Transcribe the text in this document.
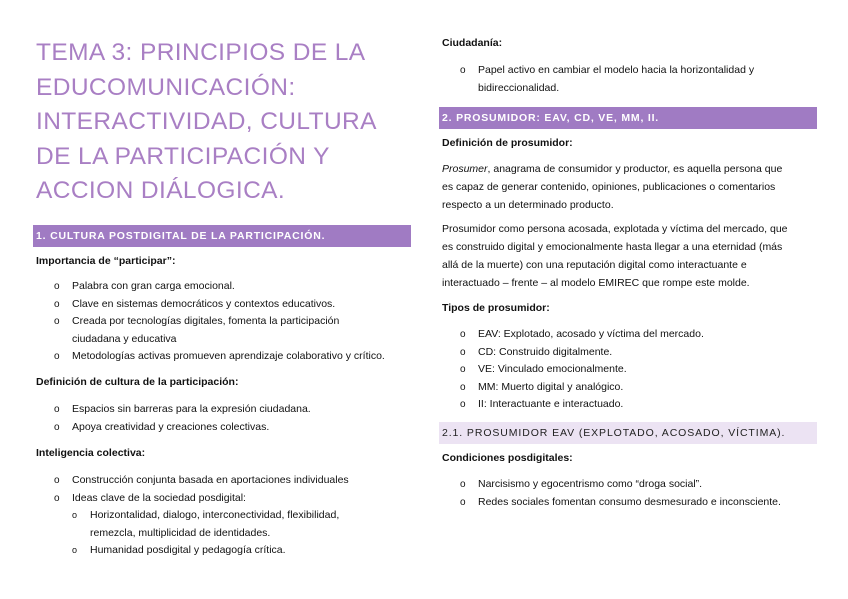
TEMA 3: PRINCIPIOS DE LA EDUCOMUNICACIÓN: INTERACTIVIDAD, CULTURA DE LA PARTICIPACIÓN Y ACCION DIÁLOGICA.
1. CULTURA POSTDIGITAL DE LA PARTICIPACIÓN.
Importancia de “participar”:
o Palabra con gran carga emocional.
o Clave en sistemas democráticos y contextos educativos.
o Creada por tecnologías digitales, fomenta la participación
ciudadana y educativa
o Metodologías activas promueven aprendizaje colaborativo y crítico.
Definición de cultura de la participación:
o Espacios sin barreras para la expresión ciudadana.
o Apoya creatividad y creaciones colectivas.
Inteligencia colectiva:
o Construcción conjunta basada en aportaciones individuales
o Ideas clave de la sociedad posdigital:
o Horizontalidad, dialogo, interconectividad, flexibilidad,
remezcla, multiplicidad de identidades.
o Humanidad posdigital y pedagogía crítica.
Ciudadanía:
o Papel activo en cambiar el modelo hacia la horizontalidad y
bidireccionalidad.
2. PROSUMIDOR: EAV, CD, VE, MM, II.
Definición de prosumidor:
Prosumer, anagrama de consumidor y productor, es aquella persona que
es capaz de generar contenido, opiniones, publicaciones o comentarios
respecto a un determinado producto.
Prosumidor como persona acosada, explotada y víctima del mercado, que
es construido digital y emocionalmente hasta llegar a una eternidad (más
allá de la muerte) con una reputación digital como interactuante e
interactuado – frente – al modelo EMIREC que rompe este molde.
Tipos de prosumidor:
o EAV: Explotado, acosado y víctima del mercado.
o CD: Construido digitalmente.
o VE: Vinculado emocionalmente.
o MM: Muerto digital y analógico.
o II: Interactuante e interactuado.
2.1. PROSUMIDOR EAV (EXPLOTADO, ACOSADO, VÍCTIMA).
Condiciones posdigitales:
o Narcisismo y egocentrismo como “droga social”.
o Redes sociales fomentan consumo desmesurado e inconsciente.
